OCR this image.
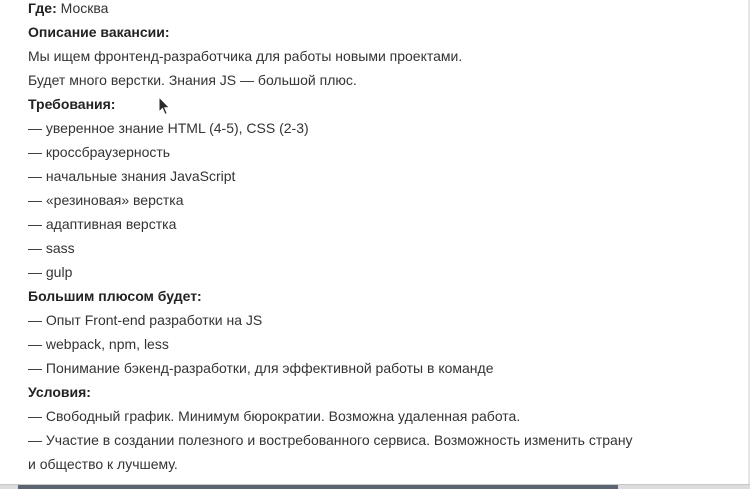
Где: Москва
Описание вакансии:
Мы ищем фронтенд-разработчика для работы новыми проектами.
Будет много верстки. Знания JS — большой плюс.
Требования:
— уверенное знание HTML (4-5), CSS (2-3)
— кроссбраузерность
— начальные знания JavaScript
— «резиновая» верстка
— адаптивная верстка
— sass
— gulp
Большим плюсом будет:
— Опыт Front-end разработки на JS
— webpack, npm, less
— Понимание бэкенд-разработки, для эффективной работы в команде
Условия:
— Свободный график. Минимум бюрократии. Возможна удаленная работа.
— Участие в создании полезного и востребованного сервиса. Возможность изменить страну
и общество к лучшему.
